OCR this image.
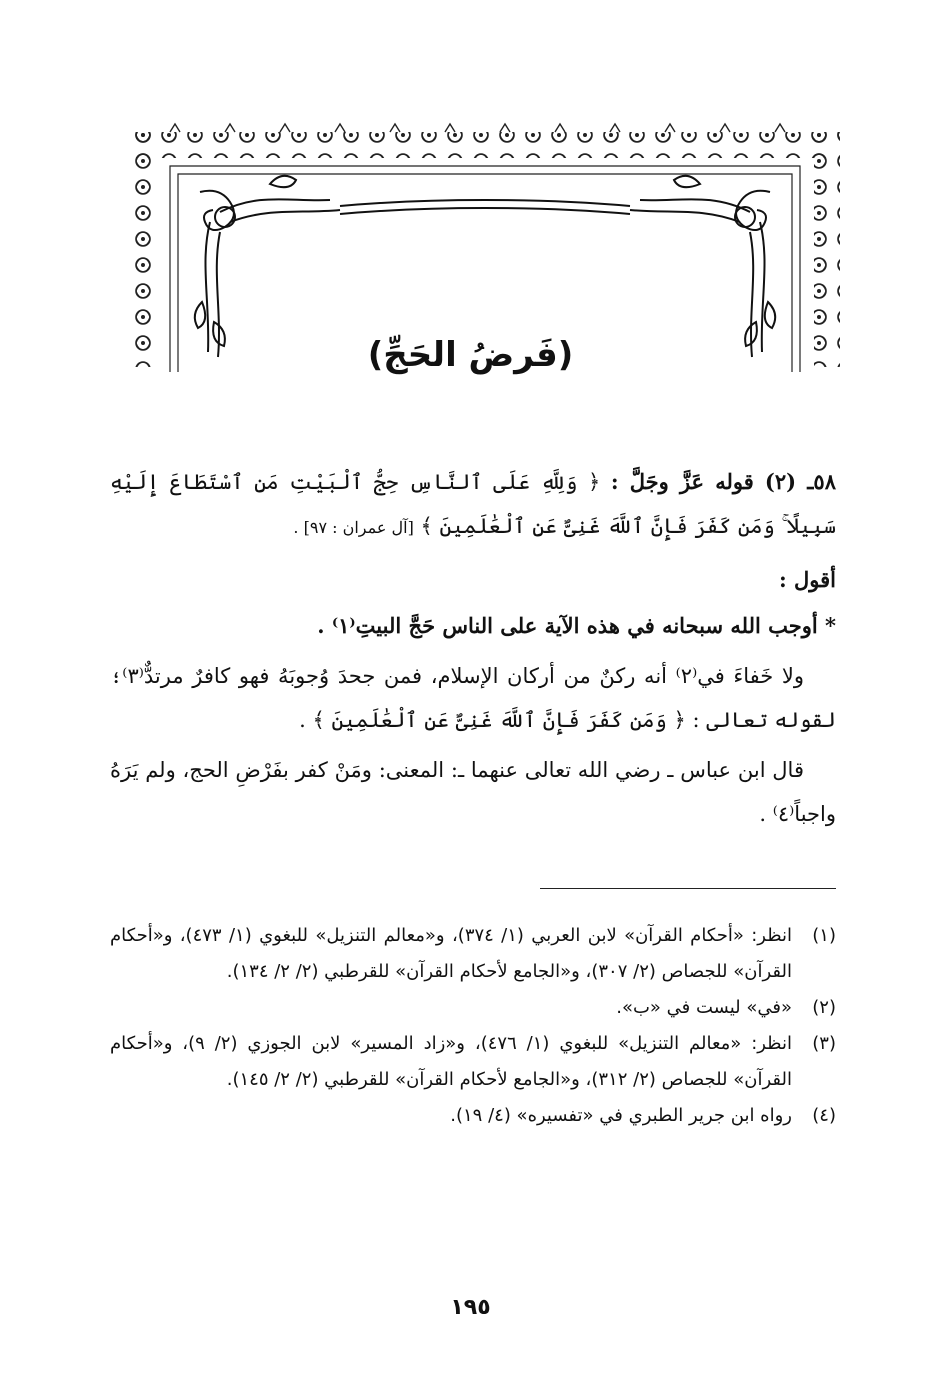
(فَرضُ الحَجِّ)

٥٨ـ (٢) قوله عَزَّ وجَلَّ : ﴿ وَلِلَّهِ عَلَى ٱلنَّاسِ حِجُّ ٱلْبَيْتِ مَنِ ٱسْتَطَاعَ إِلَيْهِ سَبِيلًا ۚ وَمَن كَفَرَ فَإِنَّ ٱللَّهَ غَنِىٌّ عَنِ ٱلْعَٰلَمِينَ ﴾ [آل عمران : ٩٧] .

أقول :

* أوجب الله سبحانه في هذه الآية على الناس حَجَّ البيتِ⁽١⁾ .

ولا خَفاءَ في⁽٢⁾ أنه ركنٌ من أركان الإسلام، فمن جحدَ وُجوبَهُ فهو كافرٌ مرتدٌّ⁽٣⁾؛ لقوله تعالى : ﴿ وَمَن كَفَرَ فَإِنَّ ٱللَّهَ غَنِىٌّ عَنِ ٱلْعَٰلَمِينَ ﴾ .

قال ابن عباس ـ رضي الله تعالى عنهما ـ: المعنى: ومَنْ كفر بفَرْضِ الحج، ولم يَرَهُ واجباً⁽٤⁾ .

(١)
انظر: «أحكام القرآن» لابن العربي (١/ ٣٧٤)، و«معالم التنزيل» للبغوي (١/ ٤٧٣)، و«أحكام القرآن» للجصاص (٢/ ٣٠٧)، و«الجامع لأحكام القرآن» للقرطبي (٢/ ٢/ ١٣٤).
(٢)
«في» ليست في «ب».
(٣)
انظر: «معالم التنزيل» للبغوي (١/ ٤٧٦)، و«زاد المسير» لابن الجوزي (٢/ ٩)، و«أحكام القرآن» للجصاص (٢/ ٣١٢)، و«الجامع لأحكام القرآن» للقرطبي (٢/ ٢/ ١٤٥).
(٤)
رواه ابن جرير الطبري في «تفسيره» (٤/ ١٩).
١٩٥
